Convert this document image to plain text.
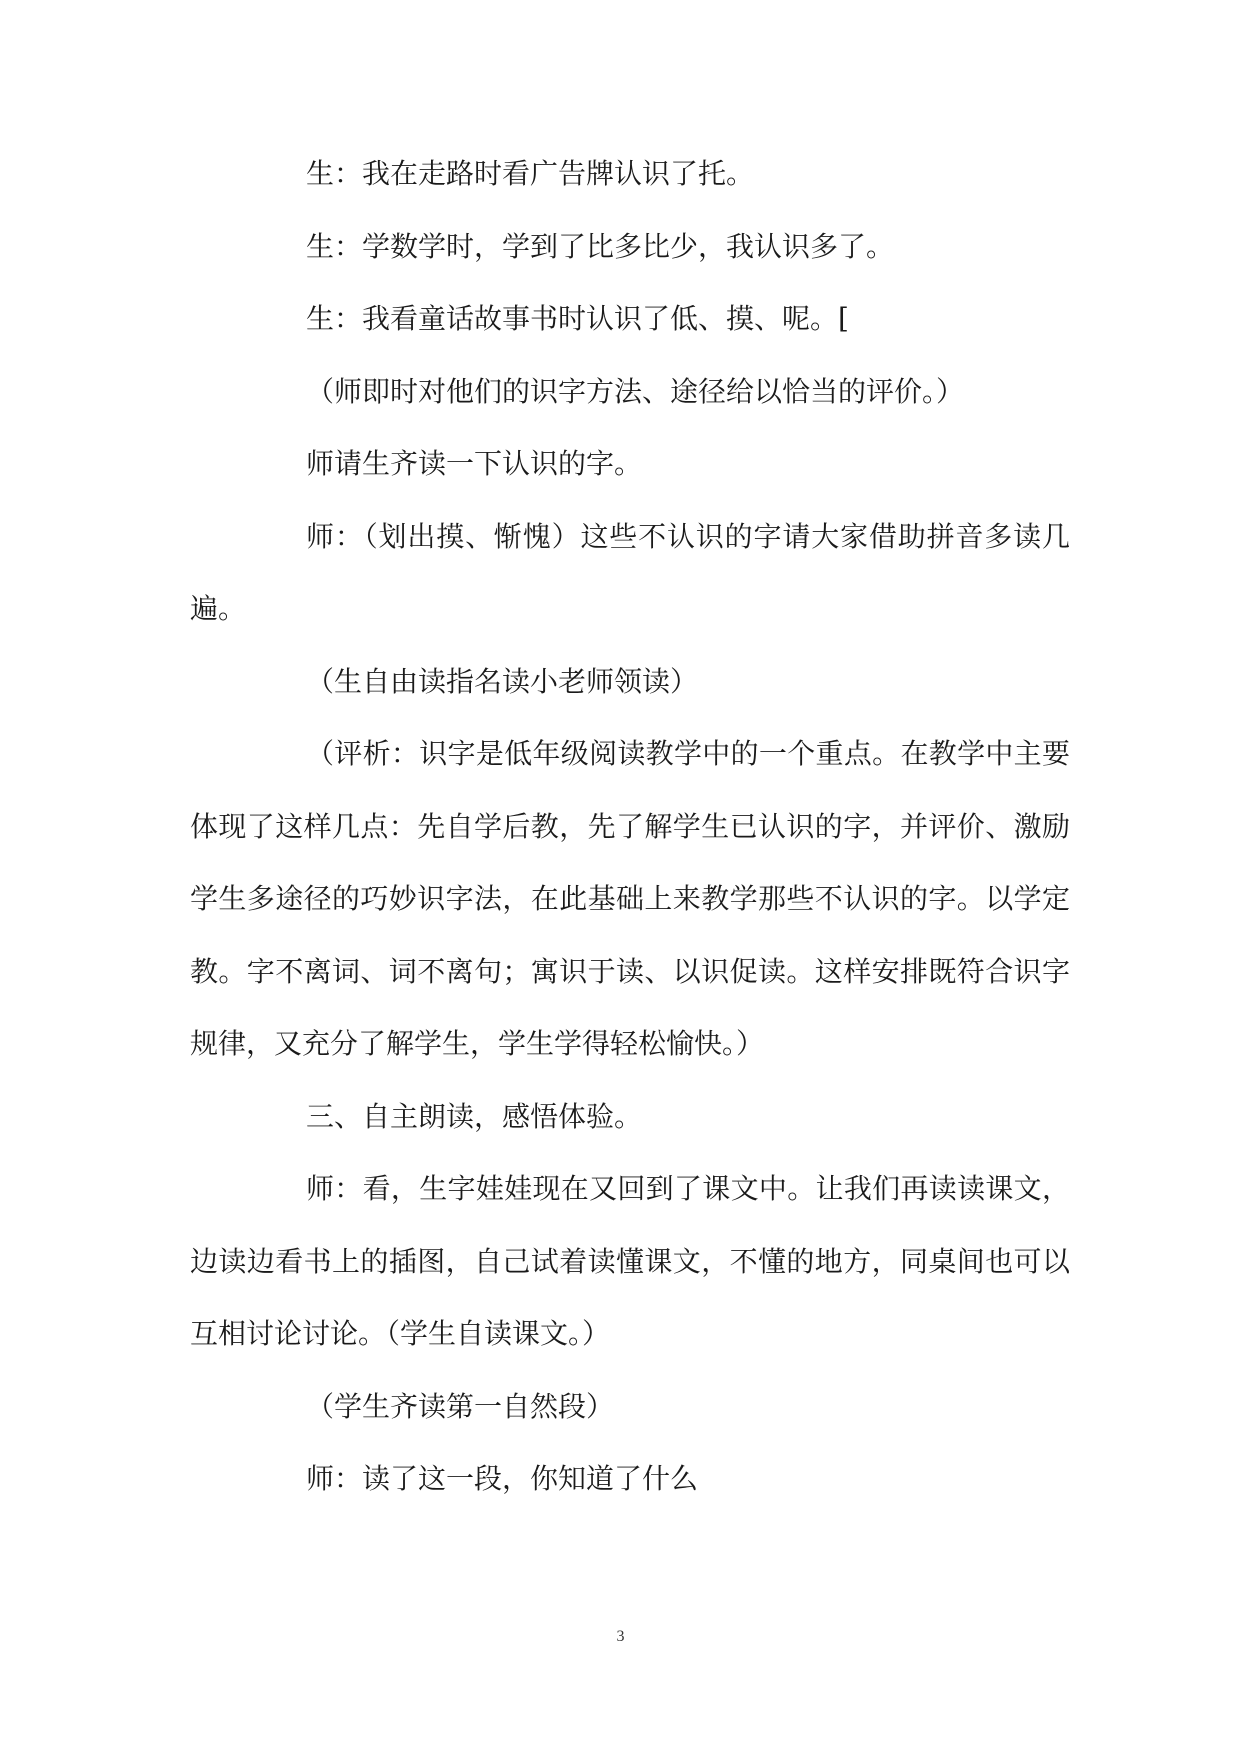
生：我在走路时看广告牌认识了托。

生：学数学时，学到了比多比少，我认识多了。

生：我看童话故事书时认识了低、摸、呢。[

（师即时对他们的识字方法、途径给以恰当的评价。）

师请生齐读一下认识的字。

师：（划出摸、惭愧）这些不认识的字请大家借助拼音多读几遍。

（生自由读指名读小老师领读）

（评析：识字是低年级阅读教学中的一个重点。在教学中主要体现了这样几点：先自学后教，先了解学生已认识的字，并评价、激励学生多途径的巧妙识字法，在此基础上来教学那些不认识的字。以学定教。字不离词、词不离句；寓识于读、以识促读。这样安排既符合识字规律，又充分了解学生，学生学得轻松愉快。）

三、自主朗读，感悟体验。

师：看，生字娃娃现在又回到了课文中。让我们再读读课文，边读边看书上的插图，自己试着读懂课文，不懂的地方，同桌间也可以互相讨论讨论。（学生自读课文。）

（学生齐读第一自然段）

师：读了这一段，你知道了什么

3
